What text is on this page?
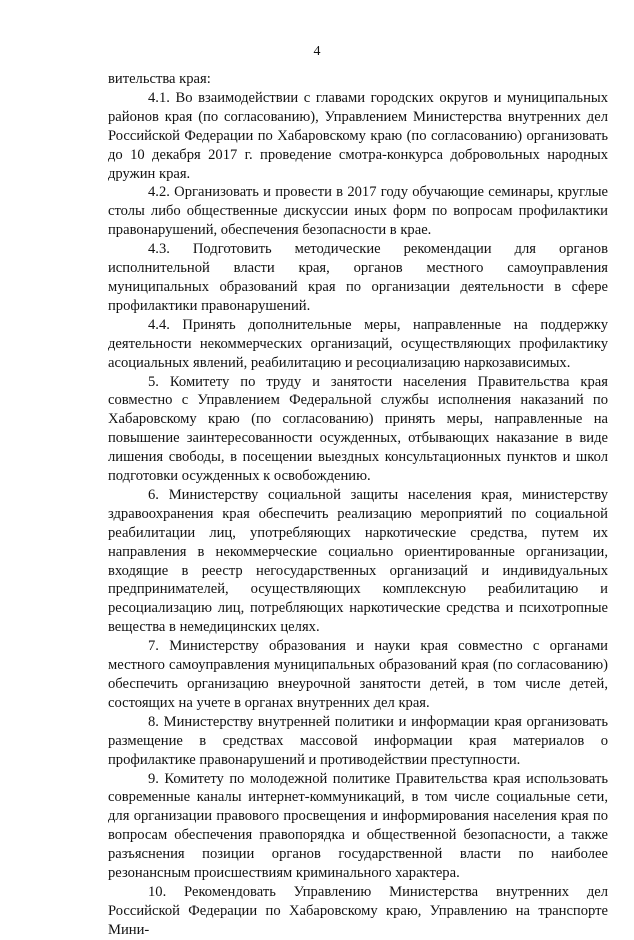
4

вительства края:

4.1. Во взаимодействии с главами городских округов и муниципальных районов края (по согласованию), Управлением Министерства внутренних дел Российской Федерации по Хабаровскому краю (по согласованию) организовать до 10 декабря 2017 г. проведение смотра-конкурса добровольных народных дружин края.

4.2. Организовать и провести в 2017 году обучающие семинары, круглые столы либо общественные дискуссии иных форм по вопросам профилактики правонарушений, обеспечения безопасности в крае.

4.3. Подготовить методические рекомендации для органов исполнительной власти края, органов местного самоуправления муниципальных образований края по организации деятельности в сфере профилактики правонарушений.

4.4. Принять дополнительные меры, направленные на поддержку деятельности некоммерческих организаций, осуществляющих профилактику асоциальных явлений, реабилитацию и ресоциализацию наркозависимых.

5. Комитету по труду и занятости населения Правительства края совместно с Управлением Федеральной службы исполнения наказаний по Хабаровскому краю (по согласованию) принять меры, направленные на повышение заинтересованности осужденных, отбывающих наказание в виде лишения свободы, в посещении выездных консультационных пунктов и школ подготовки осужденных к освобождению.

6. Министерству социальной защиты населения края, министерству здравоохранения края обеспечить реализацию мероприятий по социальной реабилитации лиц, употребляющих наркотические средства, путем их направления в некоммерческие социально ориентированные организации, входящие в реестр негосударственных организаций и индивидуальных предпринимателей, осуществляющих комплексную реабилитацию и ресоциализацию лиц, потребляющих наркотические средства и психотропные вещества в немедицинских целях.

7. Министерству образования и науки края совместно с органами местного самоуправления муниципальных образований края (по согласованию) обеспечить организацию внеурочной занятости детей, в том числе детей, состоящих на учете в органах внутренних дел края.

8. Министерству внутренней политики и информации края организовать размещение в средствах массовой информации края материалов о профилактике правонарушений и противодействии преступности.

9. Комитету по молодежной политике Правительства края использовать современные каналы интернет-коммуникаций, в том числе социальные сети, для организации правового просвещения и информирования населения края по вопросам обеспечения правопорядка и общественной безопасности, а также разъяснения позиции органов государственной власти по наиболее резонансным происшествиям криминального характера.

10. Рекомендовать Управлению Министерства внутренних дел Российской Федерации по Хабаровскому краю, Управлению на транспорте Мини-
